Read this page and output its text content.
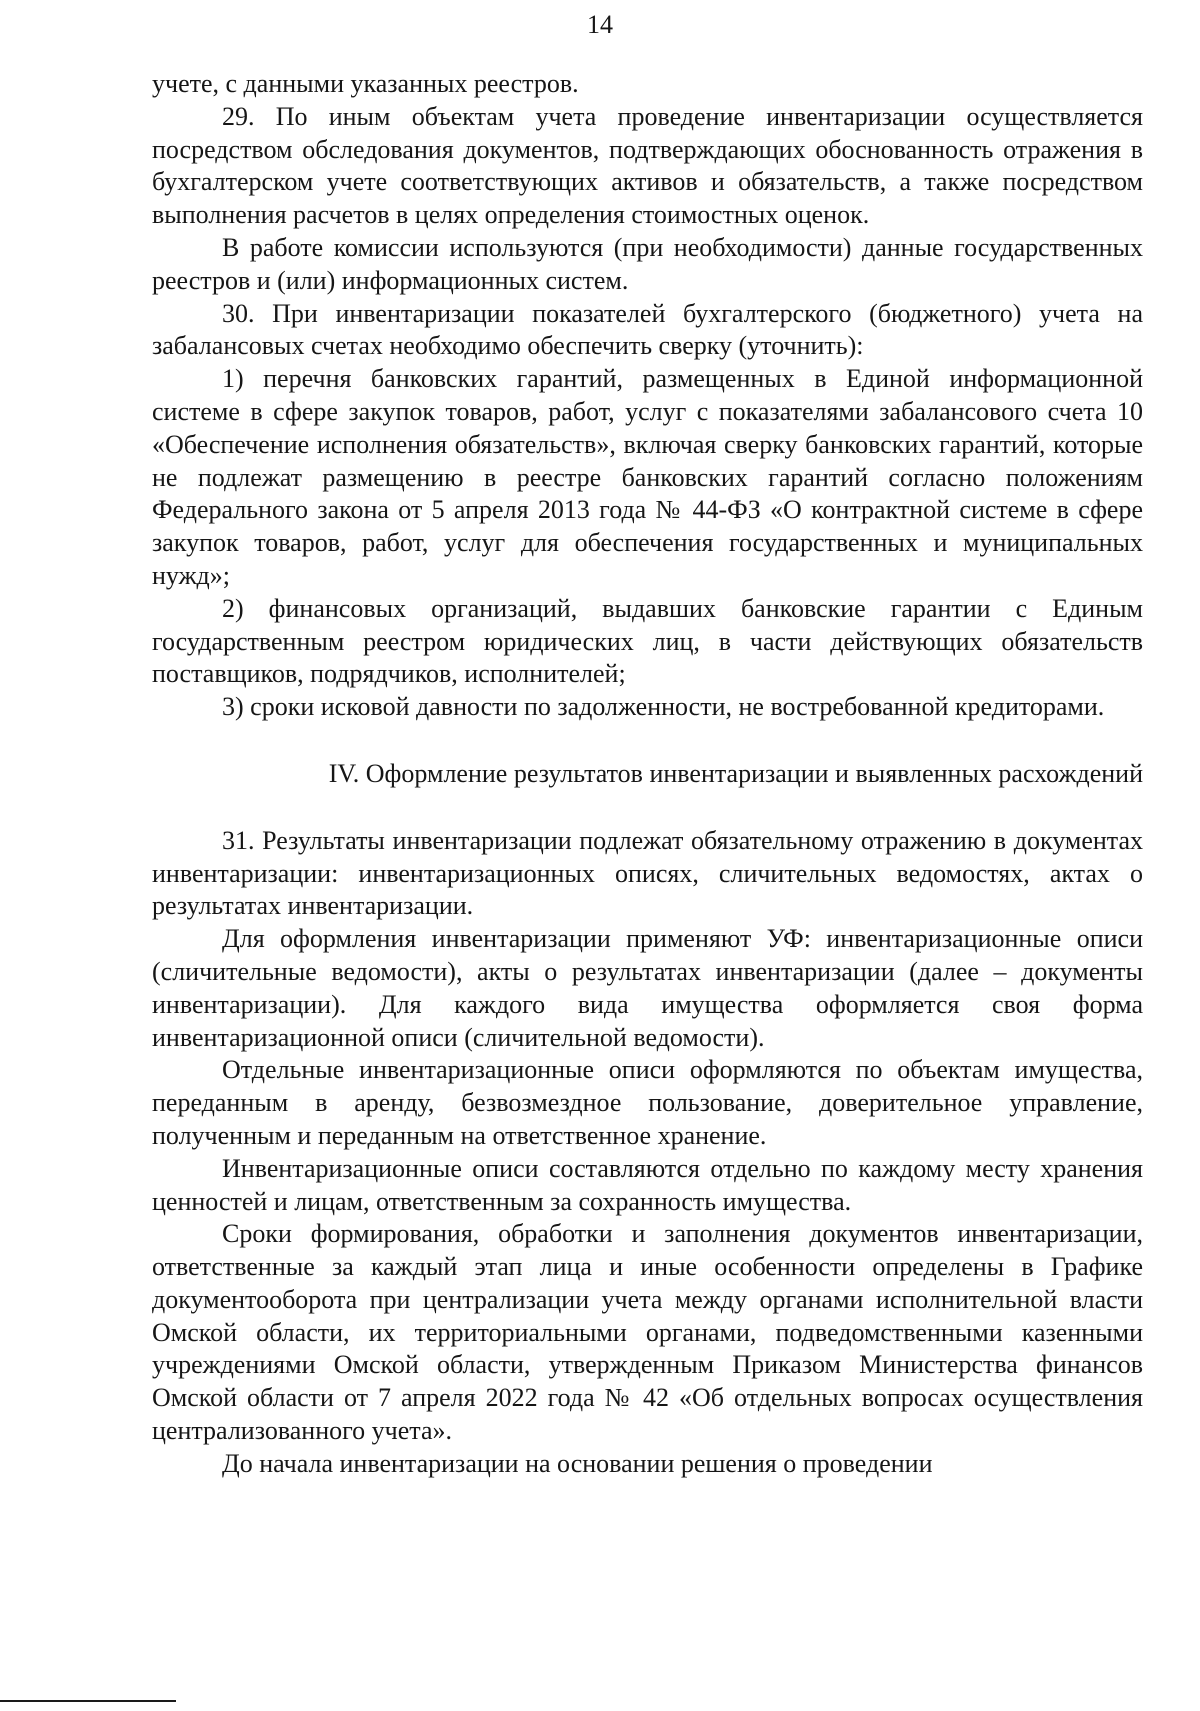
14

учете, с данными указанных реестров.

29. По иным объектам учета проведение инвентаризации осуществляется посредством обследования документов, подтверждающих обоснованность отражения в бухгалтерском учете соответствующих активов и обязательств, а также посредством выполнения расчетов в целях определения стоимостных оценок.

В работе комиссии используются (при необходимости) данные государственных реестров и (или) информационных систем.

30. При инвентаризации показателей бухгалтерского (бюджетного) учета на забалансовых счетах необходимо обеспечить сверку (уточнить):

1) перечня банковских гарантий, размещенных в Единой информационной системе в сфере закупок товаров, работ, услуг с показателями забалансового счета 10 «Обеспечение исполнения обязательств», включая сверку банковских гарантий, которые не подлежат размещению в реестре банковских гарантий согласно положениям Федерального закона от 5 апреля 2013 года № 44-ФЗ «О контрактной системе в сфере закупок товаров, работ, услуг для обеспечения государственных и муниципальных нужд»;

2) финансовых организаций, выдавших банковские гарантии с Единым государственным реестром юридических лиц, в части действующих обязательств поставщиков, подрядчиков, исполнителей;

3) сроки исковой давности по задолженности, не востребованной кредиторами.

IV. Оформление результатов инвентаризации и выявленных расхождений

31. Результаты инвентаризации подлежат обязательному отражению в документах инвентаризации: инвентаризационных описях, сличительных ведомостях, актах о результатах инвентаризации.

Для оформления инвентаризации применяют УФ: инвентаризационные описи (сличительные ведомости), акты о результатах инвентаризации (далее – документы инвентаризации). Для каждого вида имущества оформляется своя форма инвентаризационной описи (сличительной ведомости).

Отдельные инвентаризационные описи оформляются по объектам имущества, переданным в аренду, безвозмездное пользование, доверительное управление, полученным и переданным на ответственное хранение.

Инвентаризационные описи составляются отдельно по каждому месту хранения ценностей и лицам, ответственным за сохранность имущества.

Сроки формирования, обработки и заполнения документов инвентаризации, ответственные за каждый этап лица и иные особенности определены в Графике документооборота при централизации учета между органами исполнительной власти Омской области, их территориальными органами, подведомственными казенными учреждениями Омской области, утвержденным Приказом Министерства финансов Омской области от 7 апреля 2022 года № 42 «Об отдельных вопросах осуществления централизованного учета».

До начала инвентаризации на основании решения о проведении
